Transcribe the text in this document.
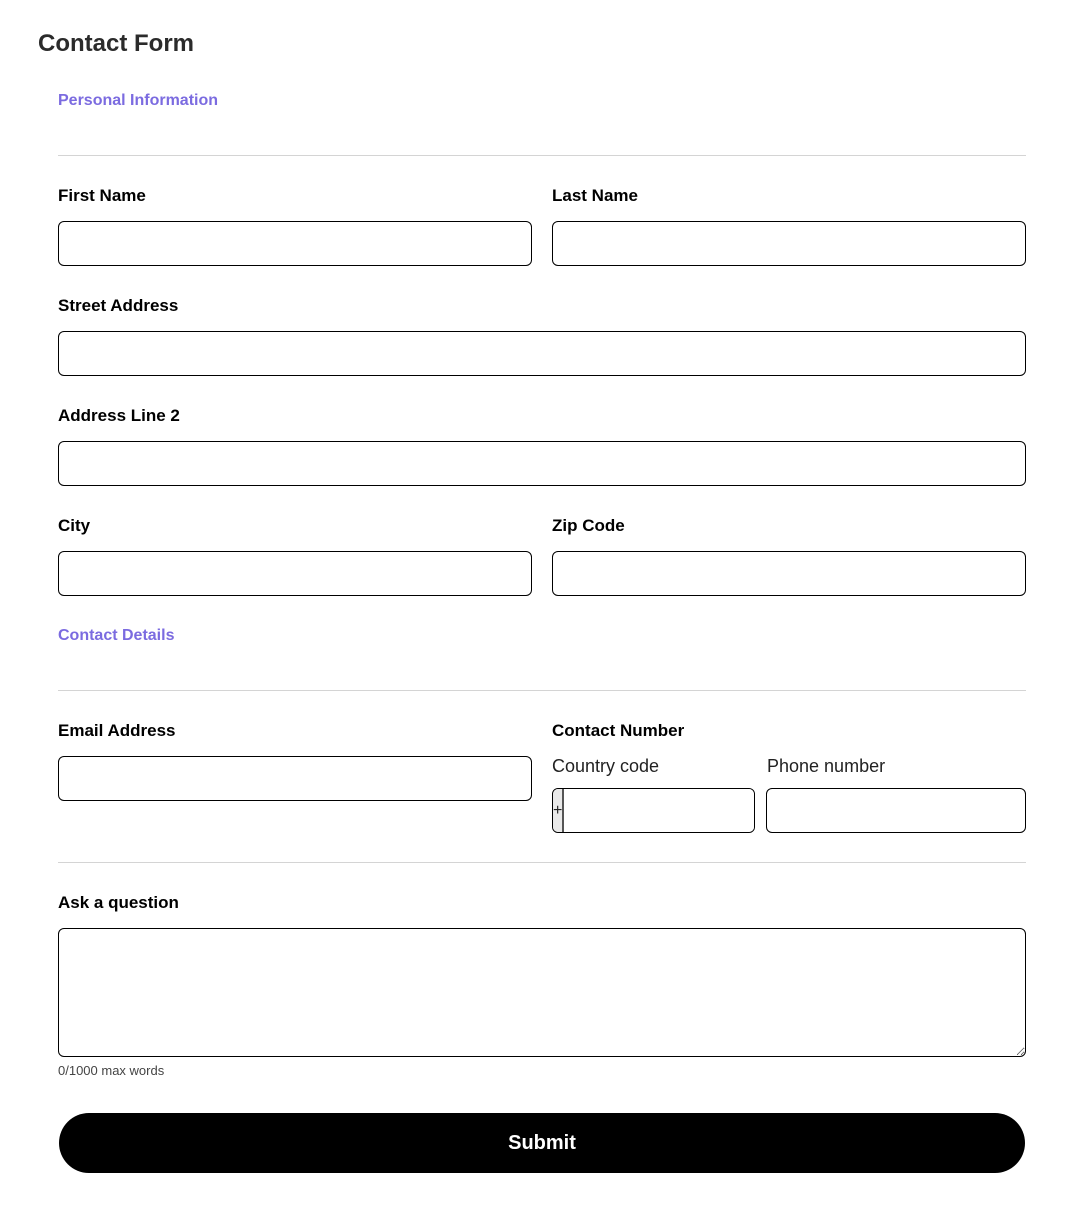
Contact Form
Personal Information
First Name	Last Name
Street Address
Address Line 2
City	Zip Code
Contact Details
Email Address	Contact Number
Country code	Phone number
+
Ask a question
0/1000 max words
Submit
